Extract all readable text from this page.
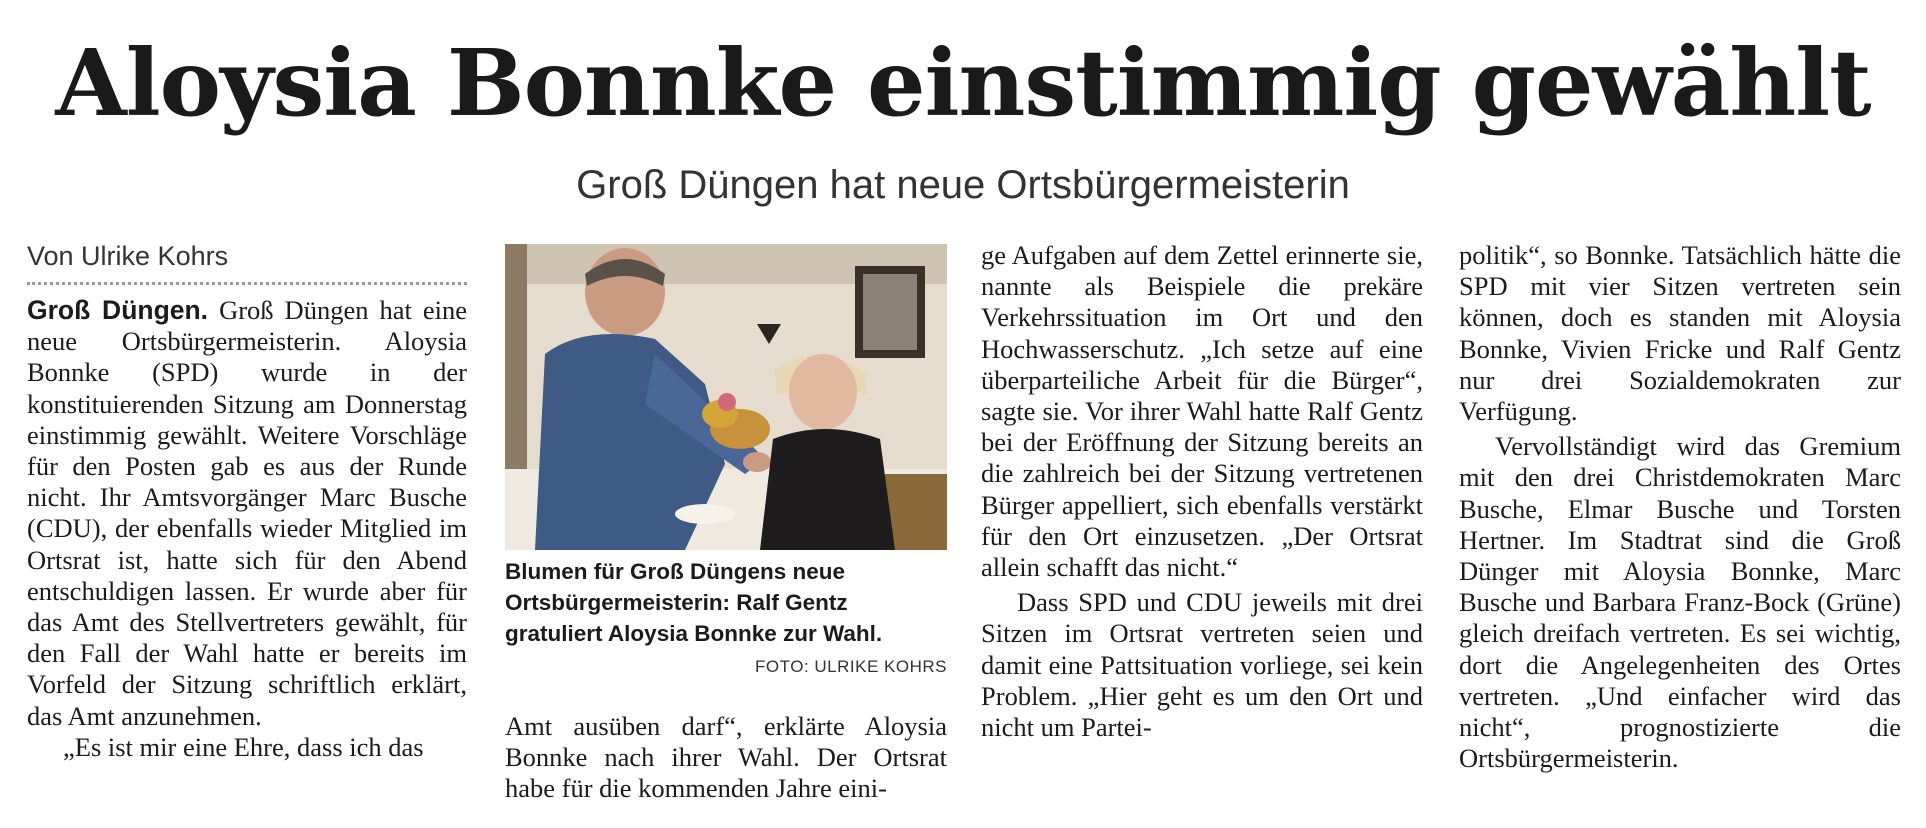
Aloysia Bonnke einstimmig gewählt
Groß Düngen hat neue Ortsbürgermeisterin
Von Ulrike Kohrs

Groß Düngen. Groß Düngen hat eine neue Ortsbürgermeisterin. Aloysia Bonnke (SPD) wurde in der konstituierenden Sitzung am Donnerstag einstimmig gewählt. Weitere Vorschläge für den Posten gab es aus der Runde nicht. Ihr Amtsvorgänger Marc Busche (CDU), der ebenfalls wieder Mitglied im Ortsrat ist, hatte sich für den Abend entschuldigen lassen. Er wurde aber für das Amt des Stellvertreters gewählt, für den Fall der Wahl hatte er bereits im Vorfeld der Sitzung schriftlich erklärt, das Amt anzunehmen.

„Es ist mir eine Ehre, dass ich das

Blumen für Groß Düngens neue Ortsbürgermeisterin: Ralf Gentz gratuliert Aloysia Bonnke zur Wahl.
FOTO: ULRIKE KOHRS

Amt ausüben darf“, erklärte Aloysia Bonnke nach ihrer Wahl. Der Ortsrat habe für die kommenden Jahre eini-

ge Aufgaben auf dem Zettel erinnerte sie, nannte als Beispiele die prekäre Verkehrssituation im Ort und den Hochwasserschutz. „Ich setze auf eine überparteiliche Arbeit für die Bürger“, sagte sie. Vor ihrer Wahl hatte Ralf Gentz bei der Eröffnung der Sitzung bereits an die zahlreich bei der Sitzung vertretenen Bürger appelliert, sich ebenfalls verstärkt für den Ort einzusetzen. „Der Ortsrat allein schafft das nicht.“

Dass SPD und CDU jeweils mit drei Sitzen im Ortsrat vertreten seien und damit eine Pattsituation vorliege, sei kein Problem. „Hier geht es um den Ort und nicht um Partei-

politik“, so Bonnke. Tatsächlich hätte die SPD mit vier Sitzen vertreten sein können, doch es standen mit Aloysia Bonnke, Vivien Fricke und Ralf Gentz nur drei Sozialdemokraten zur Verfügung.

Vervollständigt wird das Gremium mit den drei Christdemokraten Marc Busche, Elmar Busche und Torsten Hertner. Im Stadtrat sind die Groß Dünger mit Aloysia Bonnke, Marc Busche und Barbara Franz-Bock (Grüne) gleich dreifach vertreten. Es sei wichtig, dort die Angelegenheiten des Ortes vertreten. „Und einfacher wird das nicht“, prognostizierte die Ortsbürgermeisterin.
